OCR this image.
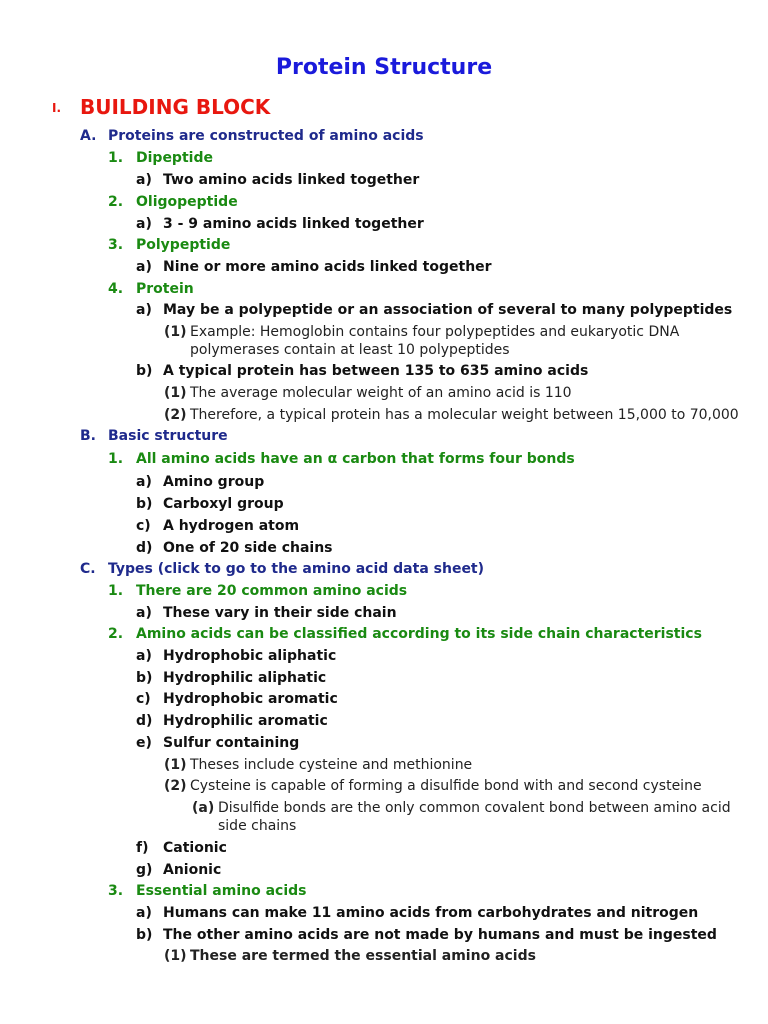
Protein Structure
I. BUILDING BLOCK
A. Proteins are constructed of amino acids
1. Dipeptide
a) Two amino acids linked together
2. Oligopeptide
a) 3 - 9 amino acids linked together
3. Polypeptide
a) Nine or more amino acids linked together
4. Protein
a) May be a polypeptide or an association of several to many polypeptides
(1) Example: Hemoglobin contains four polypeptides and eukaryotic DNA
polymerases contain at least 10 polypeptides
b) A typical protein has between 135 to 635 amino acids
(1) The average molecular weight of an amino acid is 110
(2) Therefore, a typical protein has a molecular weight between 15,000 to 70,000
B. Basic structure
1. All amino acids have an α carbon that forms four bonds
a) Amino group
b) Carboxyl group
c) A hydrogen atom
d) One of 20 side chains
C. Types (click to go to the amino acid data sheet)
1. There are 20 common amino acids
a) These vary in their side chain
2. Amino acids can be classified according to its side chain characteristics
a) Hydrophobic aliphatic
b) Hydrophilic aliphatic
c) Hydrophobic aromatic
d) Hydrophilic aromatic
e) Sulfur containing
(1) Theses include cysteine and methionine
(2) Cysteine is capable of forming a disulfide bond with and second cysteine
(a) Disulfide bonds are the only common covalent bond between amino acid
side chains
f) Cationic
g) Anionic
3. Essential amino acids
a) Humans can make 11 amino acids from carbohydrates and nitrogen
b) The other amino acids are not made by humans and must be ingested
(1) These are termed the essential amino acids
